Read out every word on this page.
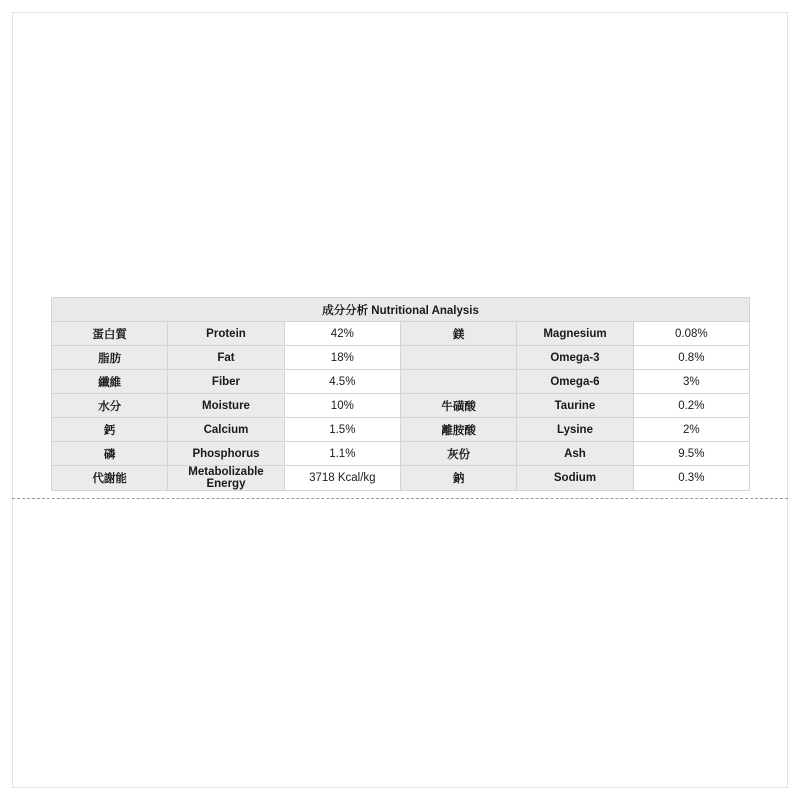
成分分析 Nutritional Analysis					
蛋白質	Protein	42%	鎂	Magnesium	0.08%
脂肪	Fat	18%		Omega-3	0.8%
纖維	Fiber	4.5%		Omega-6	3%
水分	Moisture	10%	牛磺酸	Taurine	0.2%
鈣	Calcium	1.5%	離胺酸	Lysine	2%
磷	Phosphorus	1.1%	灰份	Ash	9.5%
代謝能	Metabolizable Energy	3718 Kcal/kg	鈉	Sodium	0.3%
